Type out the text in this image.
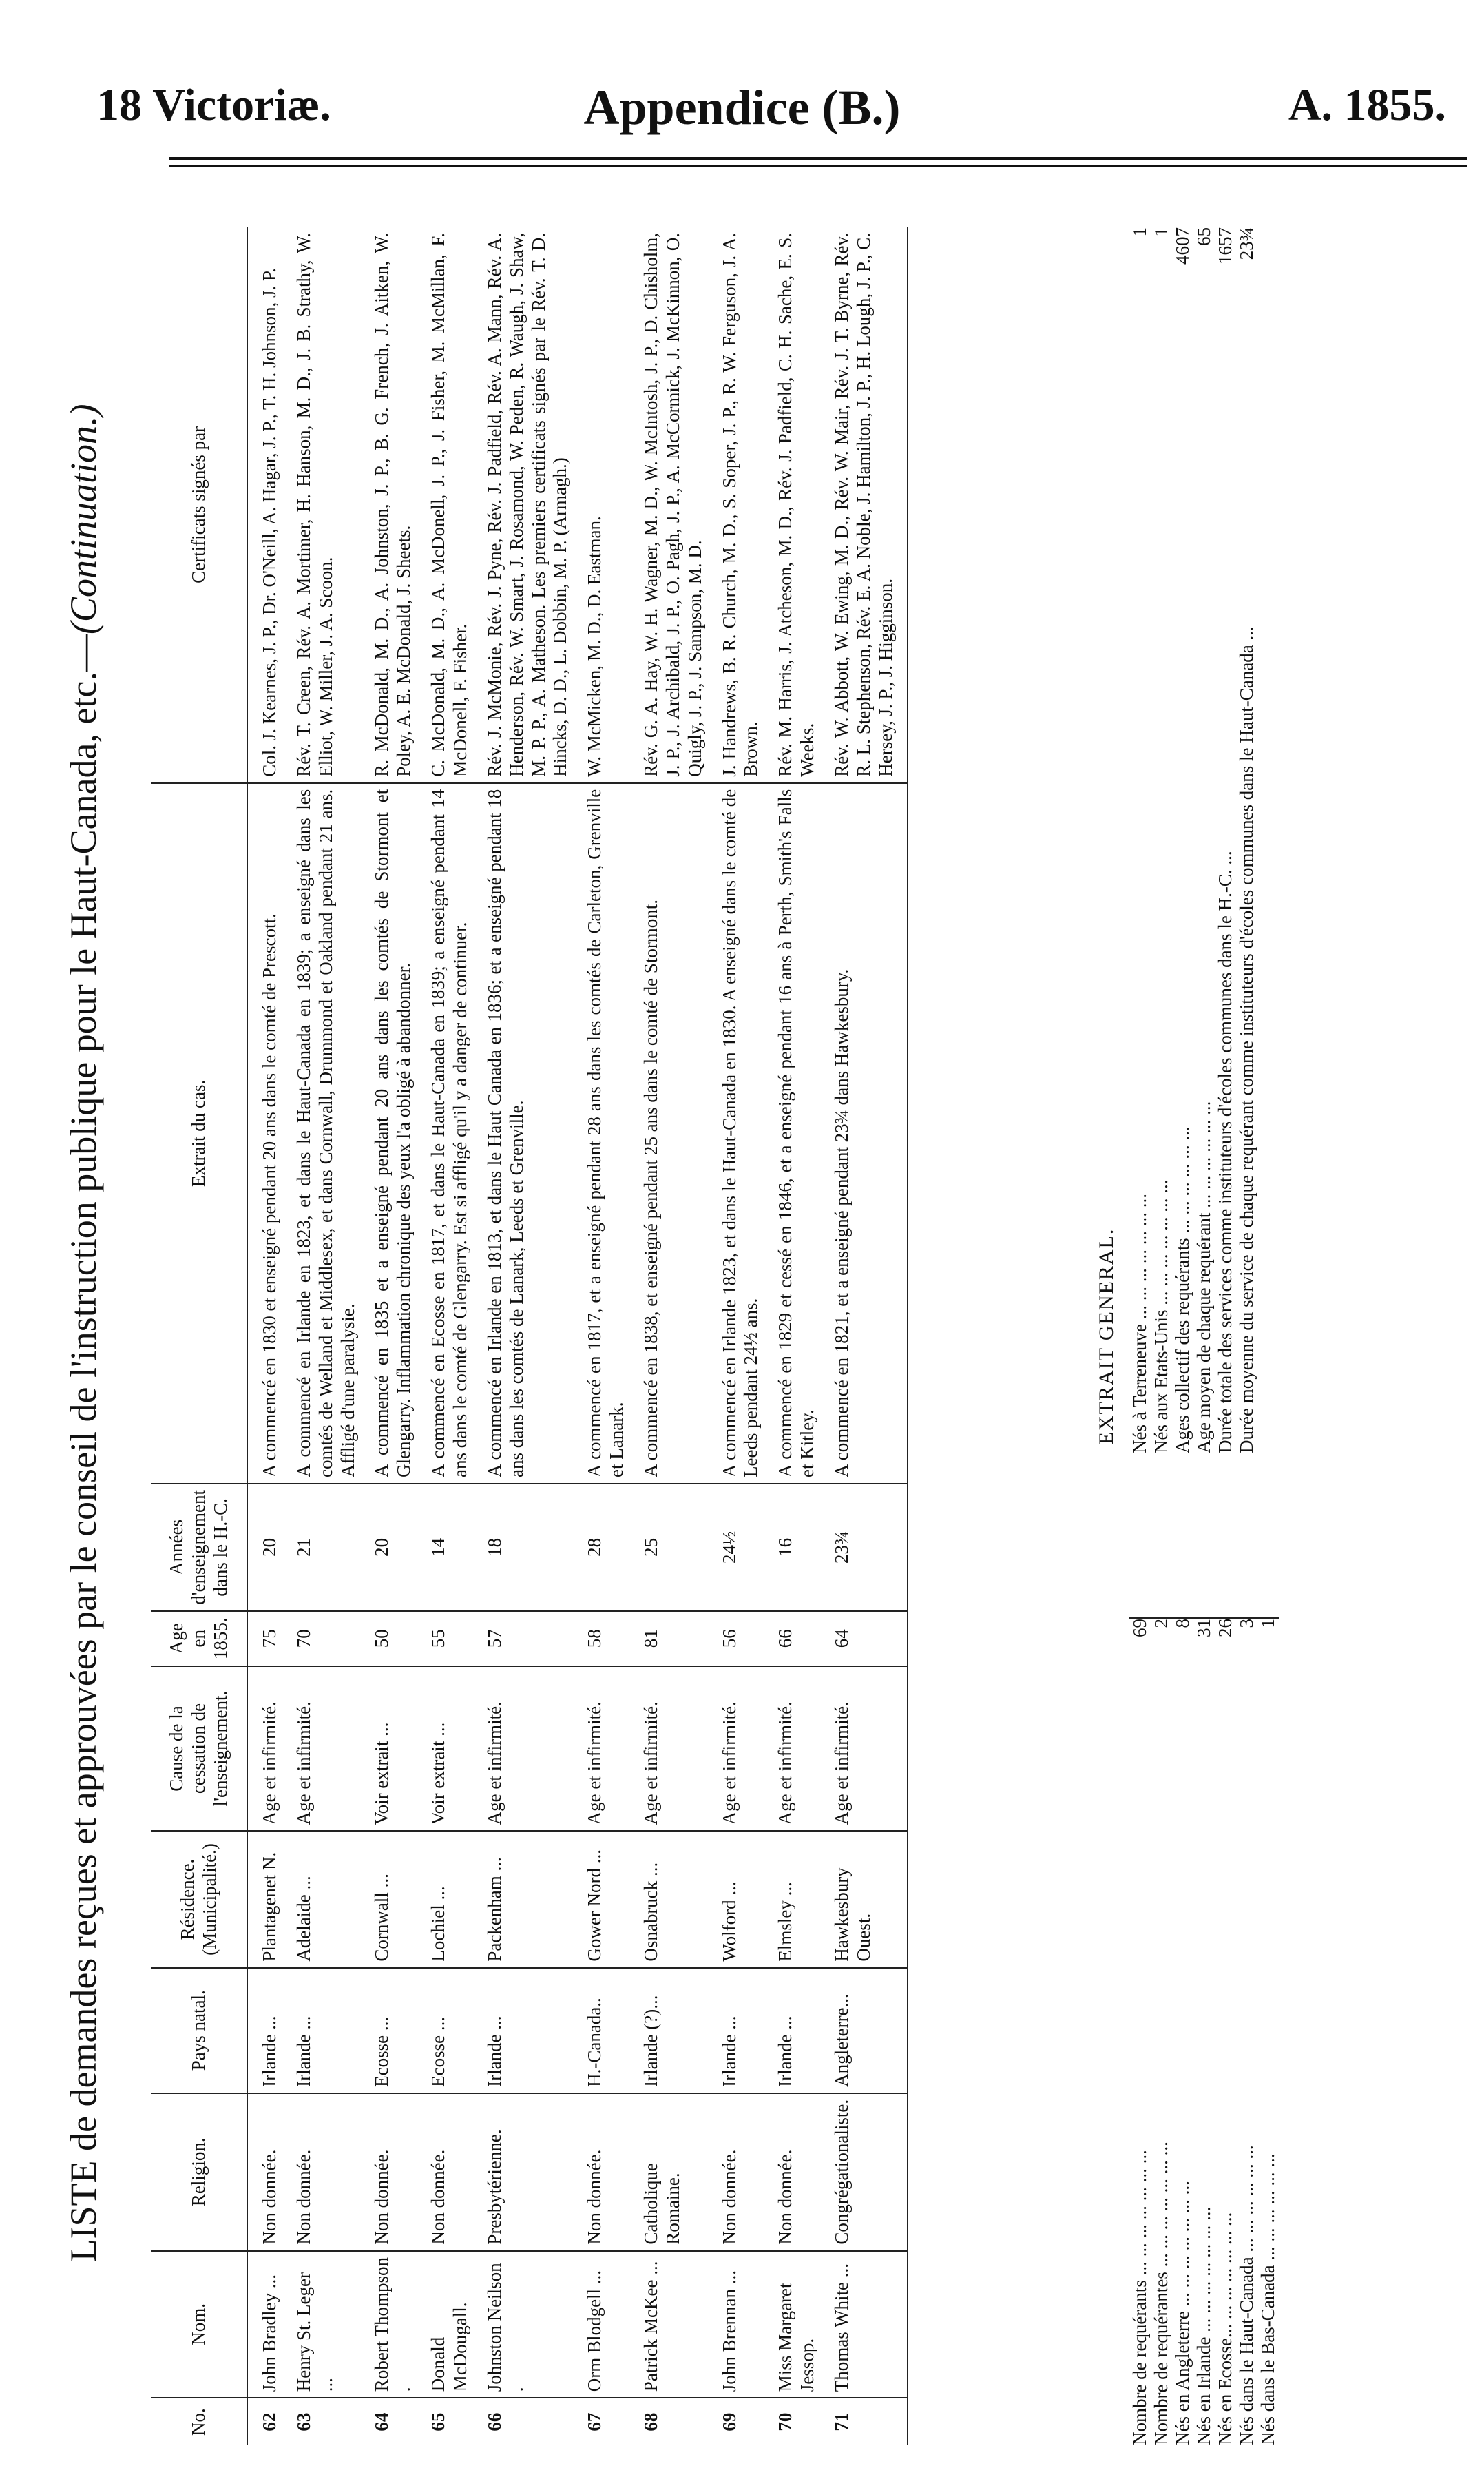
18 Victoriæ.	Appendice (B.)	A. 1855.
LISTE de demandes reçues et approuvées par le conseil de l'instruction publique pour le Haut-Canada, etc.—(Continuation.)
No.	Nom.	Religion.	Pays natal.	Résidence. (Municipalité.)	Cause de la cessation de l'enseignement.	Age en 1855.	Années d'enseignement dans le H.-C.	Extrait du cas.	Certificats signés par
62	John Bradley ...	Non donnée.	Irlande ...	Plantagenet N.	Age et infirmité.	75	20	A commencé en 1830 et enseigné pendant 20 ans dans le comté de Prescott.	Col. J. Kearnes, J. P., Dr. O'Neill, A. Hagar, J. P., T. H. Johnson, J. P.
63	Henry St. Leger ...	Non donnée.	Irlande ...	Adelaide ...	Age et infirmité.	70	21	A commencé en Irlande en 1823, et dans le Haut-Canada en 1839; a enseigné dans les comtés de Welland et Middlesex, et dans Cornwall, Drummond et Oakland pendant 21 ans. Affligé d'une paralysie.	Rév. T. Creen, Rév. A. Mortimer, H. Hanson, M. D., J. B. Strathy, W. Elliot, W. Miller, J. A. Scoon.
64	Robert Thompson .	Non donnée.	Ecosse ...	Cornwall ...	Voir extrait ...	50	20	A commencé en 1835 et a enseigné pendant 20 ans dans les comtés de Stormont et Glengarry. Inflammation chronique des yeux l'a obligé à abandonner.	R. McDonald, M. D., A. Johnston, J. P., B. G. French, J. Aitken, W. Poley, A. E. McDonald, J. Sheets.
65	Donald McDougall.	Non donnée.	Ecosse ...	Lochiel ...	Voir extrait ...	55	14	A commencé en Ecosse en 1817, et dans le Haut-Canada en 1839; a enseigné pendant 14 ans dans le comté de Glengarry. Est si affligé qu'il y a danger de continuer.	C. McDonald, M. D., A. McDonell, J. P., J. Fisher, M. McMillan, F. McDonell, F. Fisher.
66	Johnston Neilson .	Presbytérienne.	Irlande ...	Packenham ...	Age et infirmité.	57	18	A commencé en Irlande en 1813, et dans le Haut Canada en 1836; et a enseigné pendant 18 ans dans les comtés de Lanark, Leeds et Grenville.	Rév. J. McMonie, Rév. J. Pyne, Rév. J. Padfield, Rév. A. Mann, Rév. A. Henderson, Rév. W. Smart, J. Rosamond, W. Peden, R. Waugh, J. Shaw, M. P. P., A. Matheson. Les premiers certificats signés par le Rév. T. D. Hincks, D. D., L. Dobbin, M. P. (Armagh.)
67	Orm Blodgell ...	Non donnée.	H.-Canada..	Gower Nord ...	Age et infirmité.	58	28	A commencé en 1817, et a enseigné pendant 28 ans dans les comtés de Carleton, Grenville et Lanark.	W. McMicken, M. D., D. Eastman.
68	Patrick McKee ...	Catholique Romaine.	Irlande (?)...	Osnabruck ...	Age et infirmité.	81	25	A commencé en 1838, et enseigné pendant 25 ans dans le comté de Stormont.	Rév. G. A. Hay, W. H. Wagner, M. D., W. McIntosh, J. P., D. Chisholm, J. P., J. Archibald, J. P., O. Pagh, J. P., A. McCormick, J. McKinnon, O. Quigly, J. P., J. Sampson, M. D.
69	John Brennan ...	Non donnée.	Irlande ...	Wolford ...	Age et infirmité.	56	24½	A commencé en Irlande 1823, et dans le Haut-Canada en 1830. A enseigné dans le comté de Leeds pendant 24½ ans.	J. Handrews, B. R. Church, M. D., S. Soper, J. P., R. W. Ferguson, J. A. Brown.
70	Miss Margaret Jessop.	Non donnée.	Irlande ...	Elmsley ...	Age et infirmité.	66	16	A commencé en 1829 et cessé en 1846, et a enseigné pendant 16 ans à Perth, Smith's Falls et Kitley.	Rév. M. Harris, J. Atcheson, M. D., Rév. J. Padfield, C. H. Sache, E. S. Weeks.
71	Thomas White ...	Congrégationaliste.	Angleterre...	Hawkesbury Ouest.	Age et infirmité.	64	23¾	A commencé en 1821, et a enseigné pendant 23¾ dans Hawkesbury.	Rév. W. Abbott, W. Ewing, M. D., Rév. W. Mair, Rév. J. T. Byrne, Rév. R. L. Stephenson, Rév. E. A. Noble, J. Hamilton, J. P., H. Lough, J. P., C. Hersey, J. P., J. Higginson.
EXTRAIT GENERAL.
Nombre de requérants ... ... ... ... ... ... ...
69
Nombre de requérantes ... ... ... ... ... ... ...
2
Nés en Angleterre ... ... ... ... ... ... ...
8
Nés en Irlande ... ... ... ... ... ... ...
31
Nés en Ecosse... ... ... ... ... ... ...
26
Nés dans le Haut-Canada ... ... ... ... ... ...
3
Nés dans le Bas-Canada ... ... ... ... ... ...
1
Nés à Terreneuve ... ... ... ... ... ... ...
1
Nés aux Etats-Unis ... ... ... ... ... ... ...
1
Ages collectif des requérants ... ... ... ... ... ...
4607
Age moyen de chaque requérant ... ... ... ... ... ...
65
Durée totale des services comme instituteurs d'écoles communes dans le H.-C. ...
1657
Durée moyenne du service de chaque requérant comme instituteurs d'écoles communes dans le Haut-Canada ...
23¾
